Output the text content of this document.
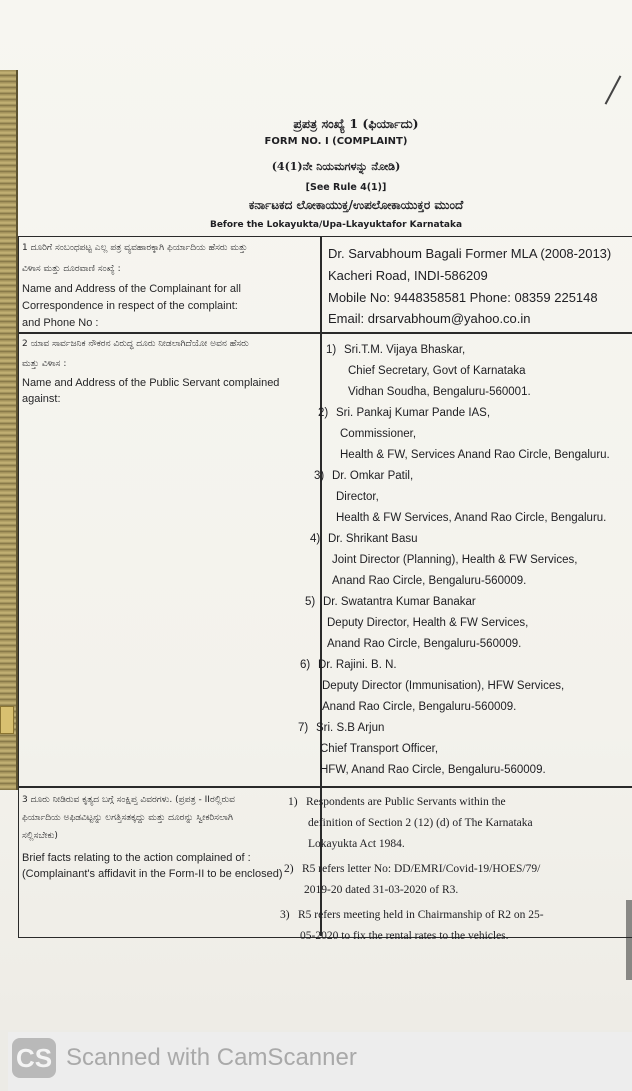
ಪ್ರಪತ್ರ ಸಂಖ್ಯೆ 1 (ಫಿರ್ಯಾದು)
FORM NO. I (COMPLAINT)
(4(1)ನೇ ನಿಯಮಗಳನ್ನು ನೋಡಿ)
[See Rule 4(1)]
ಕರ್ನಾಟಕದ ಲೋಕಾಯುಕ್ತ/ಉಪಲೋಕಾಯುಕ್ತರ ಮುಂದೆ
Before the Lokayukta/Upa-Lkayuktafor Karnataka
1 ದೂರಿಗೆ ಸಂಬಂಧಪಟ್ಟ ಎಲ್ಲ ಪತ್ರ ವ್ಯವಹಾರಕ್ಕಾಗಿ ಫಿರ್ಯಾದಿಯ ಹೆಸರು ಮತ್ತು
ವಿಳಾಸ ಮತ್ತು ದೂರವಾಣಿ ಸಂಖ್ಯೆ :
Name and Address of the Complainant for all
Correspondence in respect of the complaint:
and Phone No :
Dr. Sarvabhoum Bagali Former MLA (2008-2013)
Kacheri Road, INDI-586209
Mobile No: 9448358581 Phone: 08359 225148
Email: drsarvabhoum@yahoo.co.in
2 ಯಾವ ಸಾರ್ವಜನಿಕ ನೌಕರನ ವಿರುದ್ಧ ದೂರು ನೀಡಲಾಗಿದೆಯೋ ಅವನ ಹೆಸರು
ಮತ್ತು ವಿಳಾಸ :
Name and Address of the Public Servant complained
against:
1) Sri.T.M. Vijaya Bhaskar,
Chief Secretary, Govt of Karnataka
Vidhan Soudha, Bengaluru-560001.
2) Sri. Pankaj Kumar Pande IAS,
Commissioner,
Health & FW, Services Anand Rao Circle, Bengaluru.
3) Dr. Omkar Patil,
Director,
Health & FW Services, Anand Rao Circle, Bengaluru.
4) Dr. Shrikant Basu
Joint Director (Planning), Health & FW Services,
Anand Rao Circle, Bengaluru-560009.
5) Dr. Swatantra Kumar Banakar
Deputy Director, Health & FW Services,
Anand Rao Circle, Bengaluru-560009.
6) Dr. Rajini. B. N.
Deputy Director (Immunisation), HFW Services,
Anand Rao Circle, Bengaluru-560009.
7) Sri. S.B Arjun
Chief Transport Officer,
HFW, Anand Rao Circle, Bengaluru-560009.
3 ದೂರು ನೀಡಿರುವ ಕೃತ್ಯದ ಬಗ್ಗೆ ಸಂಕ್ಷಿಪ್ತ ವಿವರಗಳು. (ಪ್ರಪತ್ರ - IIರಲ್ಲಿರುವ
ಫಿರ್ಯಾದಿಯ ಅಫಿಡವಿಟ್ಟನ್ನು ಲಗತ್ತಿಸತಕ್ಕದ್ದು ಮತ್ತು ದೂರನ್ನು ಸ್ವೀಕರಿಸಲಾಗಿ
ಸಲ್ಲಿಸಬೇಕು)
Brief facts relating to the action complained of :
(Complainant's affidavit in the Form-II to be enclosed)
1) Respondents are Public Servants within the
definition of Section 2 (12) (d) of The Karnataka
Lokayukta Act 1984.
2) R5 refers letter No: DD/EMRI/Covid-19/HOES/79/
2019-20 dated 31-03-2020 of R3.
3) R5 refers meeting held in Chairmanship of R2 on 25-
05-2020 to fix the rental rates to the vehicles.
CS Scanned with CamScanner
